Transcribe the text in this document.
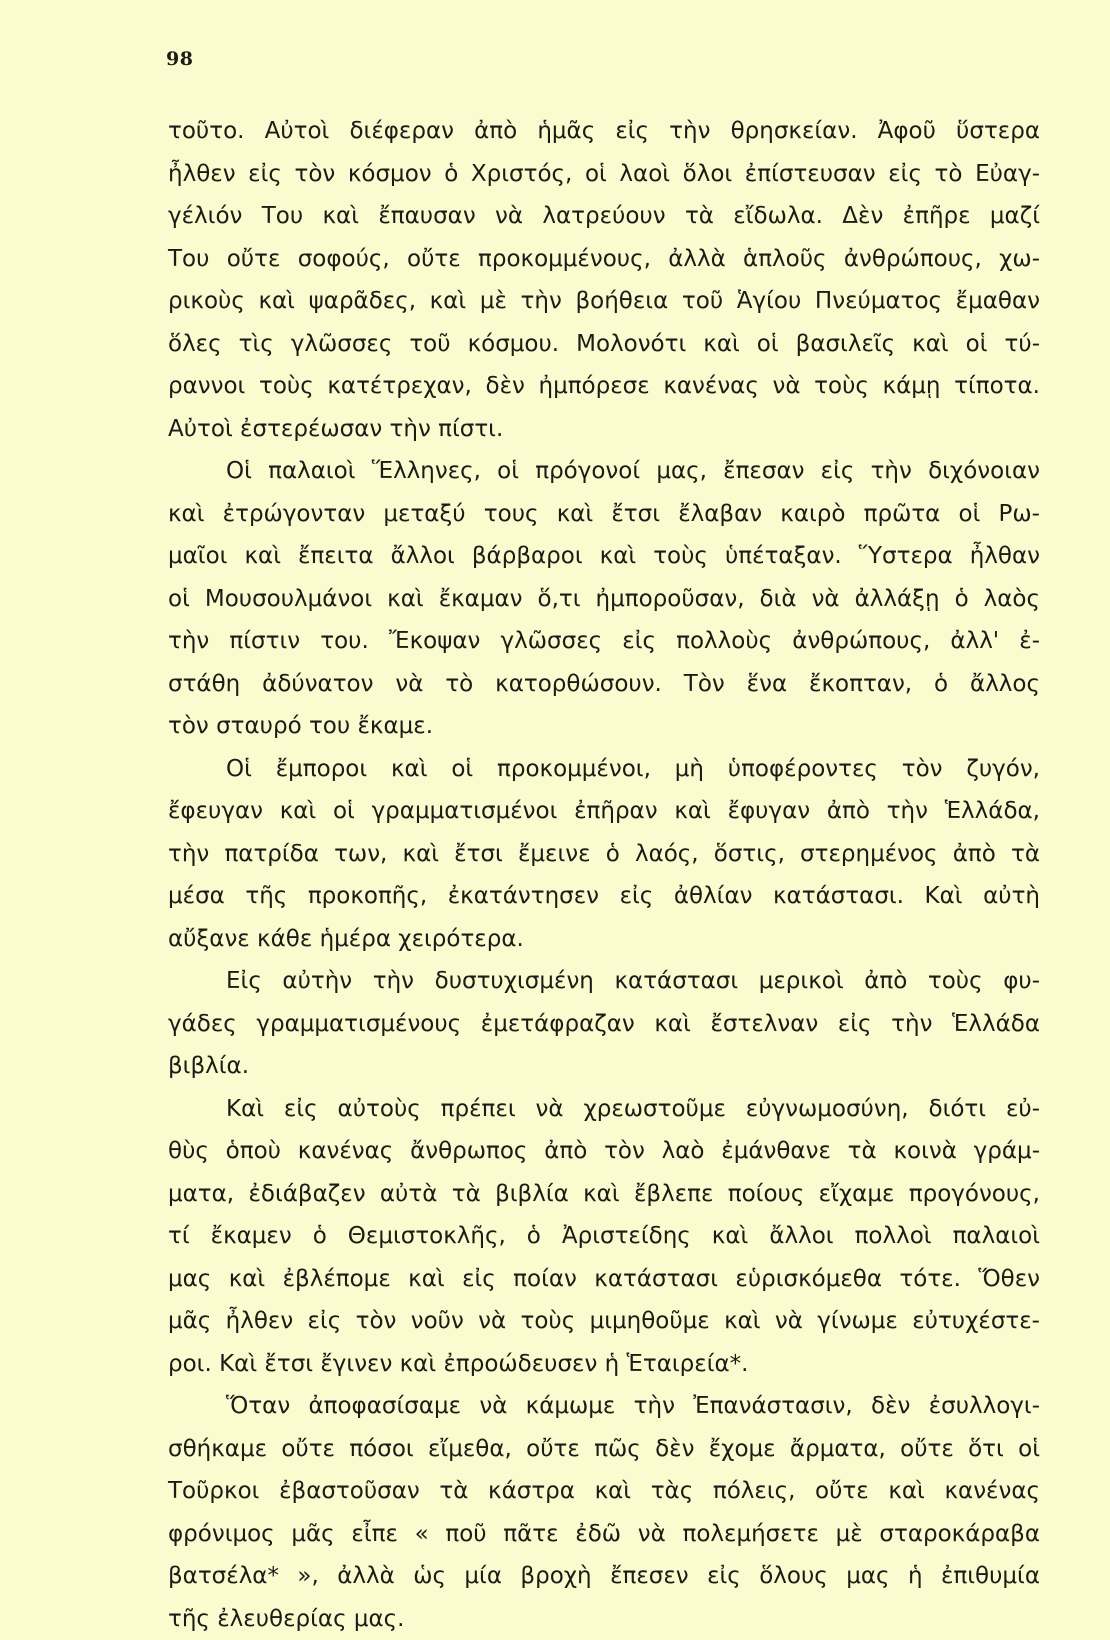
98
τοῦτο. Αὐτοὶ διέφεραν ἀπὸ ἡμᾶς εἰς τὴν θρησκείαν. Ἀφοῦ ὕστερα
ἦλθεν εἰς τὸν κόσμον ὁ Χριστός, οἱ λαοὶ ὅλοι ἐπίστευσαν εἰς τὸ Εὐαγ-
γέλιόν Του καὶ ἔπαυσαν νὰ λατρεύουν τὰ εἴδωλα. Δὲν ἐπῆρε μαζί
Του οὔτε σοφούς, οὔτε προκομμένους, ἀλλὰ ἁπλοῦς ἀνθρώπους, χω-
ρικοὺς καὶ ψαρᾶδες, καὶ μὲ τὴν βοήθεια τοῦ Ἁγίου Πνεύματος ἔμαθαν
ὅλες τὶς γλῶσσες τοῦ κόσμου. Μολονότι καὶ οἱ βασιλεῖς καὶ οἱ τύ-
ραννοι τοὺς κατέτρεχαν, δὲν ἠμπόρεσε κανένας νὰ τοὺς κάμῃ τίποτα.
Αὐτοὶ ἐστερέωσαν τὴν πίστι.
Οἱ παλαιοὶ Ἕλληνες, οἱ πρόγονοί μας, ἔπεσαν εἰς τὴν διχόνοιαν
καὶ ἐτρώγονταν μεταξύ τους καὶ ἔτσι ἔλαβαν καιρὸ πρῶτα οἱ Ρω-
μαῖοι καὶ ἔπειτα ἄλλοι βάρβαροι καὶ τοὺς ὑπέταξαν. Ὕστερα ἦλθαν
οἱ Μουσουλμάνοι καὶ ἔκαμαν ὅ,τι ἠμποροῦσαν, διὰ νὰ ἀλλάξῃ ὁ λαὸς
τὴν πίστιν του. Ἔκοψαν γλῶσσες εἰς πολλοὺς ἀνθρώπους, ἀλλ' ἐ-
στάθη ἀδύνατον νὰ τὸ κατορθώσουν. Τὸν ἕνα ἔκοπταν, ὁ ἄλλος
τὸν σταυρό του ἔκαμε.
Οἱ ἔμποροι καὶ οἱ προκομμένοι, μὴ ὑποφέροντες τὸν ζυγόν,
ἔφευγαν καὶ οἱ γραμματισμένοι ἐπῆραν καὶ ἔφυγαν ἀπὸ τὴν Ἑλλάδα,
τὴν πατρίδα των, καὶ ἔτσι ἔμεινε ὁ λαός, ὅστις, στερημένος ἀπὸ τὰ
μέσα τῆς προκοπῆς, ἐκατάντησεν εἰς ἀθλίαν κατάστασι. Καὶ αὐτὴ
αὔξανε κάθε ἡμέρα χειρότερα.
Εἰς αὐτὴν τὴν δυστυχισμένη κατάστασι μερικοὶ ἀπὸ τοὺς φυ-
γάδες γραμματισμένους ἐμετάφραζαν καὶ ἔστελναν εἰς τὴν Ἑλλάδα
βιβλία.
Καὶ εἰς αὐτοὺς πρέπει νὰ χρεωστοῦμε εὐγνωμοσύνη, διότι εὐ-
θὺς ὁποὺ κανένας ἄνθρωπος ἀπὸ τὸν λαὸ ἐμάνθανε τὰ κοινὰ γράμ-
ματα, ἐδιάβαζεν αὐτὰ τὰ βιβλία καὶ ἔβλεπε ποίους εἴχαμε προγόνους,
τί ἔκαμεν ὁ Θεμιστοκλῆς, ὁ Ἀριστείδης καὶ ἄλλοι πολλοὶ παλαιοὶ
μας καὶ ἐβλέπομε καὶ εἰς ποίαν κατάστασι εὑρισκόμεθα τότε. Ὅθεν
μᾶς ἦλθεν εἰς τὸν νοῦν νὰ τοὺς μιμηθοῦμε καὶ νὰ γίνωμε εὐτυχέστε-
ροι. Καὶ ἔτσι ἔγινεν καὶ ἐπροώδευσεν ἡ Ἑταιρεία*.
Ὅταν ἀποφασίσαμε νὰ κάμωμε τὴν Ἐπανάστασιν, δὲν ἐσυλλογι-
σθήκαμε οὔτε πόσοι εἴμεθα, οὔτε πῶς δὲν ἔχομε ἄρματα, οὔτε ὅτι οἱ
Τοῦρκοι ἐβαστοῦσαν τὰ κάστρα καὶ τὰς πόλεις, οὔτε καὶ κανένας
φρόνιμος μᾶς εἶπε « ποῦ πᾶτε ἐδῶ νὰ πολεμήσετε μὲ σταροκάραβα
βατσέλα* », ἀλλὰ ὡς μία βροχὴ ἔπεσεν εἰς ὅλους μας ἡ ἐπιθυμία
τῆς ἐλευθερίας μας.
